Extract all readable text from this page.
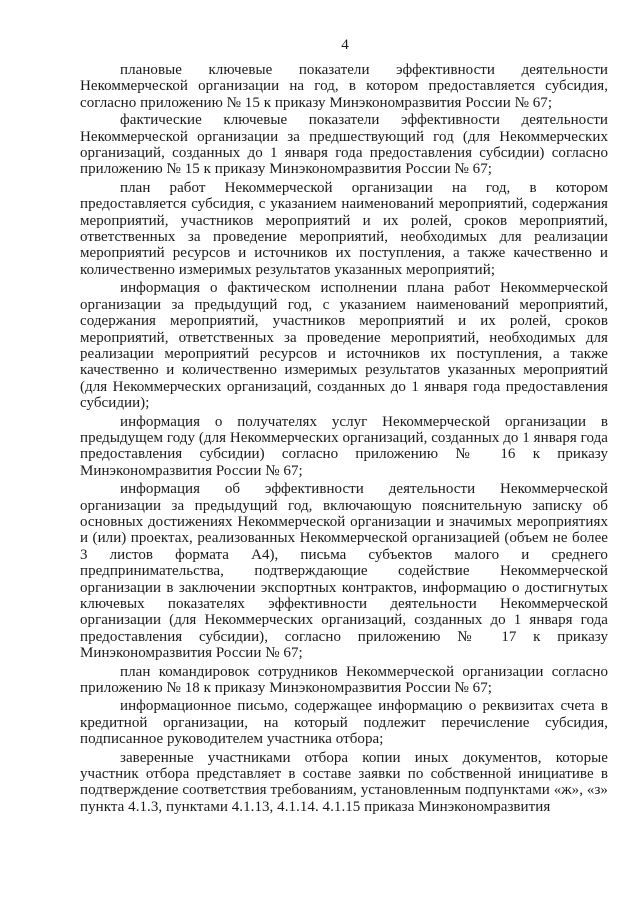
4

плановые ключевые показатели эффективности деятельности Некоммерческой организации на год, в котором предоставляется субсидия, согласно приложению № 15 к приказу Минэкономразвития России № 67;

фактические ключевые показатели эффективности деятельности Некоммерческой организации за предшествующий год (для Некоммерческих организаций, созданных до 1 января года предоставления субсидии) согласно приложению № 15 к приказу Минэкономразвития России № 67;

план работ Некоммерческой организации на год, в котором предоставляется субсидия, с указанием наименований мероприятий, содержания мероприятий, участников мероприятий и их ролей, сроков мероприятий, ответственных за проведение мероприятий, необходимых для реализации мероприятий ресурсов и источников их поступления, а также качественно и количественно измеримых результатов указанных мероприятий;

информация о фактическом исполнении плана работ Некоммерческой организации за предыдущий год, с указанием наименований мероприятий, содержания мероприятий, участников мероприятий и их ролей, сроков мероприятий, ответственных за проведение мероприятий, необходимых для реализации мероприятий ресурсов и источников их поступления, а также качественно и количественно измеримых результатов указанных мероприятий (для Некоммерческих организаций, созданных до 1 января года предоставления субсидии);

информация о получателях услуг Некоммерческой организации в предыдущем году (для Некоммерческих организаций, созданных до 1 января года предоставления субсидии) согласно приложению № 16 к приказу Минэкономразвития России № 67;

информация об эффективности деятельности Некоммерческой организации за предыдущий год, включающую пояснительную записку об основных достижениях Некоммерческой организации и значимых мероприятиях и (или) проектах, реализованных Некоммерческой организацией (объем не более 3 листов формата А4), письма субъектов малого и среднего предпринимательства, подтверждающие содействие Некоммерческой организации в заключении экспортных контрактов, информацию о достигнутых ключевых показателях эффективности деятельности Некоммерческой организации (для Некоммерческих организаций, созданных до 1 января года предоставления субсидии), согласно приложению № 17 к приказу Минэкономразвития России № 67;

план командировок сотрудников Некоммерческой организации согласно приложению № 18 к приказу Минэкономразвития России № 67;

информационное письмо, содержащее информацию о реквизитах счета в кредитной организации, на который подлежит перечисление субсидия, подписанное руководителем участника отбора;

заверенные участниками отбора копии иных документов, которые участник отбора представляет в составе заявки по собственной инициативе в подтверждение соответствия требованиям, установленным подпунктами «ж», «з» пункта 4.1.3, пунктами 4.1.13, 4.1.14. 4.1.15 приказа Минэкономразвития
